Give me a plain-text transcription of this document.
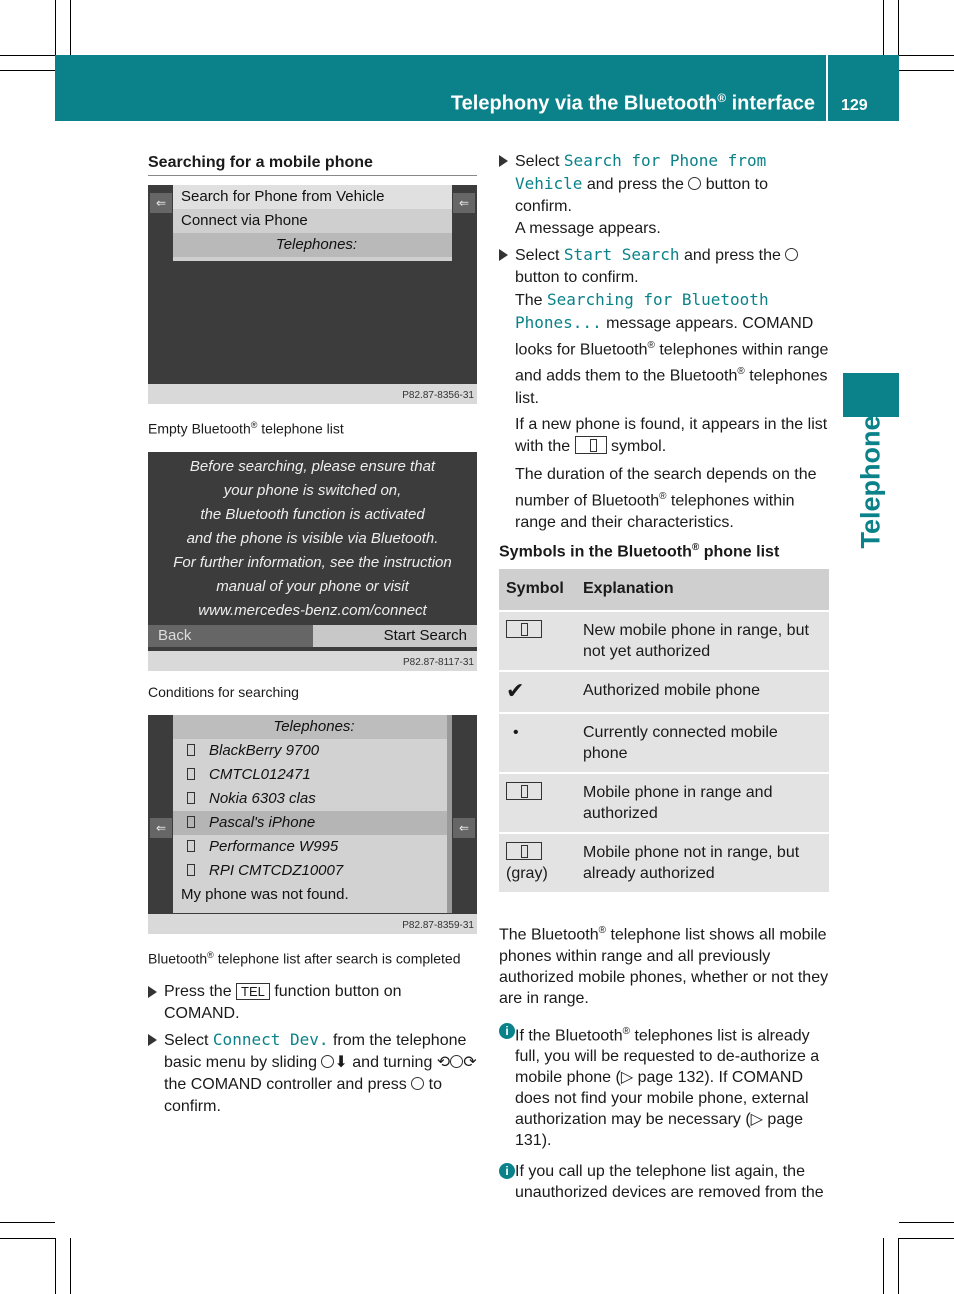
Telephony via the Bluetooth® interface 129
Telephone
Searching for a mobile phone
⇐	⇐
Search for Phone from Vehicle
Connect via Phone
Telephones:
P82.87-8356-31
Empty Bluetooth® telephone list
Before searching, please ensure that
your phone is switched on,
the Bluetooth function is activated
and the phone is visible via Bluetooth.
For further information, see the instruction
manual of your phone or visit
www.mercedes-benz.com/connect
Back	Start Search
P82.87-8117-31
Conditions for searching
⇐	⇐
Telephones:
BlackBerry 9700
CMTCL012471
Nokia 6303 clas
Pascal's iPhone
Performance W995
RPI CMTCDZ10007
My phone was not found.
P82.87-8359-31
Bluetooth® telephone list after search is completed
Press the TEL function button on COMAND.
Select Connect Dev. from the telephone basic menu by sliding ⬇ and turning ⟲ ⟳ the COMAND controller and press  to confirm.
Select Search for Phone from Vehicle and press the  button to confirm.
A message appears.
Select Start Search and press the  button to confirm.
The Searching for Bluetooth Phones... message appears. COMAND looks for Bluetooth® telephones within range and adds them to the Bluetooth® telephones list.
If a new phone is found, it appears in the list with the  symbol.
The duration of the search depends on the number of Bluetooth® telephones within range and their characteristics.
Symbols in the Bluetooth® phone list
Symbol	Explanation
	New mobile phone in range, but not yet authorized
✔	Authorized mobile phone
•	Currently connected mobile phone
	Mobile phone in range and authorized

(gray)	Mobile phone not in range, but already authorized

The Bluetooth® telephone list shows all mobile phones within range and all previously authorized mobile phones, whether or not they are in range.

i If the Bluetooth® telephones list is already full, you will be requested to de-authorize a mobile phone (▷ page 132). If COMAND does not find your mobile phone, external authorization may be necessary (▷ page 131).
i If you call up the telephone list again, the unauthorized devices are removed from the
